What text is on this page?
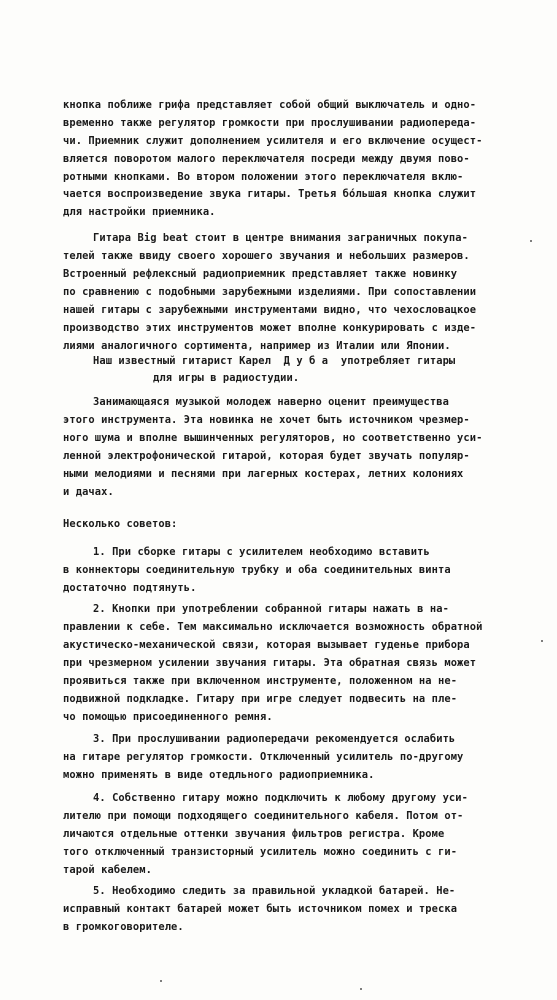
кнопка поближе грифа представляет собой общий выключатель и одно-
временно также регулятор громкости при прослушивании радиопереда-
чи. Приемник служит дополнением усилителя и его включение осущест-
вляется поворотом малого переключателя посреди между двумя пово-
ротными кнопками. Во втором положении этого переключателя вклю-
чается воспроизведение звука гитары. Третья бо́льшая кнопка служит
для настройки приемника.
Гитара Big beat стоит в центре внимания заграничных покупа-
телей также ввиду своего хорошего звучания и небольших размеров.
Встроенный рефлексный радиоприемник представляет также новинку
по сравнению с подобными зарубежными изделиями. При сопоставлении
нашей гитары с зарубежными инструментами видно, что чехословацкое
производство этих инструментов может вполне конкурировать с изде-
лиями аналогичного сортимента, например из Италии или Японии.
Наш известный гитарист Карел  Д у б а  употребляет гитары
для игры в радиостудии.
Занимающаяся музыкой молодеж наверно оценит преимущества
этого инструмента. Эта новинка не хочет быть источником чрезмер-
ного шума и вполне вышинченных регуляторов, но соответственно уси-
ленной электрофонической гитарой, которая будет звучать популяр-
ными мелодиями и песнями при лагерных костерах, летних колониях
и дачах.
Несколько советов:
1. При сборке гитары с усилителем необходимо вставить
в коннекторы соединительную трубку и оба соединительных винта
достаточно подтянуть.
2. Кнопки при употреблении собранной гитары нажать в на-
правлении к себе. Тем максимально исключается возможность обратной
акустическо-механической связи, которая вызывает гуденье прибора
при чрезмерном усилении звучания гитары. Эта обратная связь может
проявиться также при включенном инструменте, положенном на не-
подвижной подкладке. Гитару при игре следует подвесить на пле-
чо помощью присоединенного ремня.
3. При прослушивании радиопередачи рекомендуется ослабить
на гитаре регулятор громкости. Отключенный усилитель по-другому
можно применять в виде отедльного радиоприемника.
4. Собственно гитару можно подключить к любому другому уси-
лителю при помощи подходящего соединительного кабеля. Потом от-
личаются отдельные оттенки звучания фильтров регистра. Кроме
того отключенный транзисторный усилитель можно соединить с ги-
тарой кабелем.
5. Необходимо следить за правильной укладкой батарей. Не-
исправный контакт батарей может быть источником помех и треска
в громкоговорителе.
